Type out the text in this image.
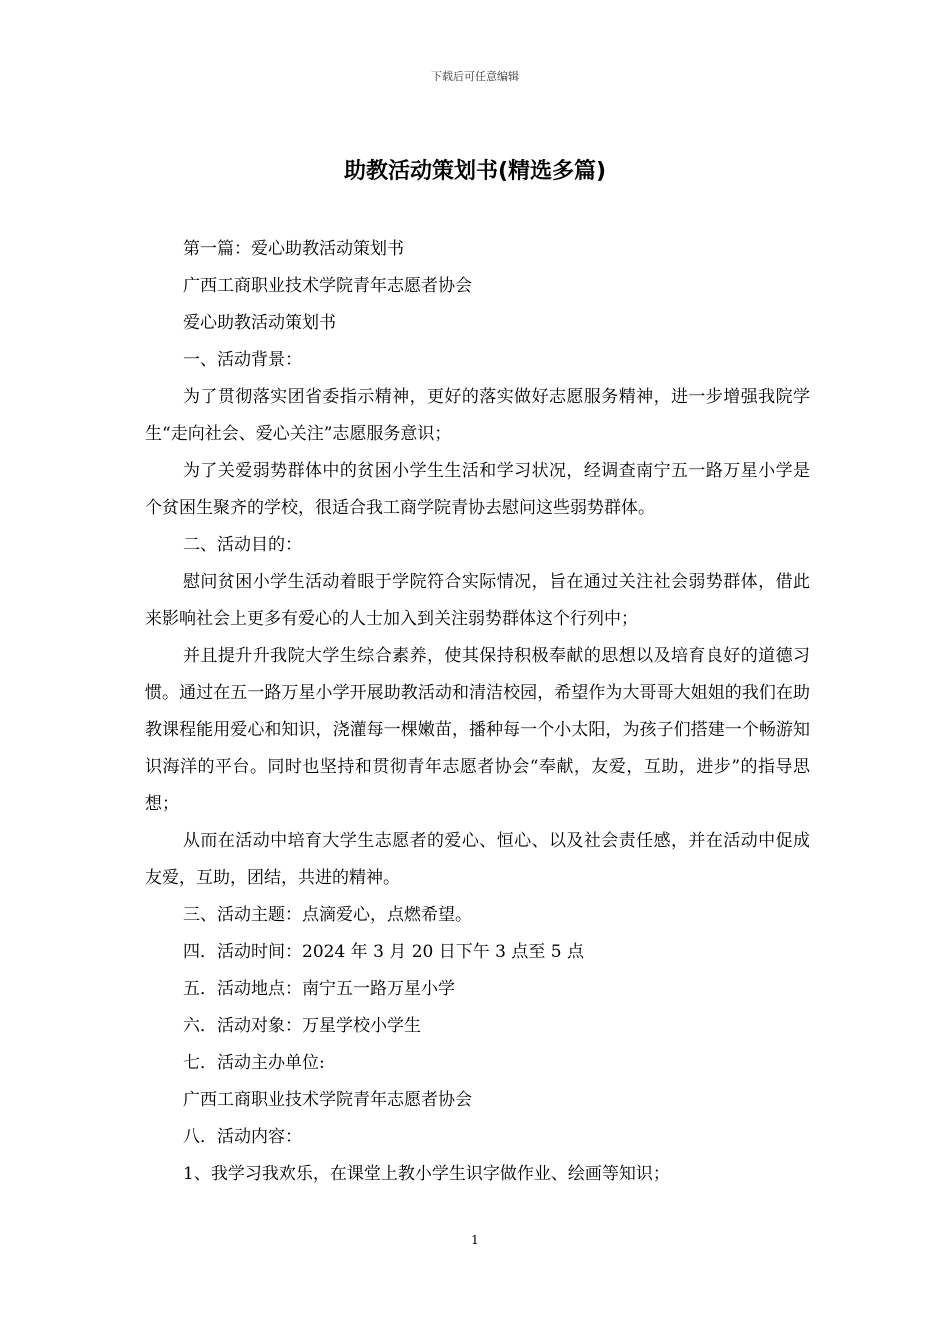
下载后可任意编辑
助教活动策划书(精选多篇)

第一篇：爱心助教活动策划书

广西工商职业技术学院青年志愿者协会

爱心助教活动策划书

一、活动背景：

为了贯彻落实团省委指示精神，更好的落实做好志愿服务精神，进一步增强我院学生“走向社会、爱心关注”志愿服务意识；

为了关爱弱势群体中的贫困小学生生活和学习状况，经调查南宁五一路万星小学是个贫困生聚齐的学校，很适合我工商学院青协去慰问这些弱势群体。

二、活动目的：

慰问贫困小学生活动着眼于学院符合实际情况，旨在通过关注社会弱势群体，借此来影响社会上更多有爱心的人士加入到关注弱势群体这个行列中；

并且提升升我院大学生综合素养，使其保持积极奉献的思想以及培育良好的道德习惯。通过在五一路万星小学开展助教活动和清洁校园，希望作为大哥哥大姐姐的我们在助教课程能用爱心和知识，浇灌每一棵嫩苗，播种每一个小太阳，为孩子们搭建一个畅游知识海洋的平台。同时也坚持和贯彻青年志愿者协会“奉献，友爱，互助，进步”的指导思想；

从而在活动中培育大学生志愿者的爱心、恒心、以及社会责任感，并在活动中促成友爱，互助，团结，共进的精神。

三、活动主题：点滴爱心，点燃希望。

四．活动时间：2024 年 3 月 20 日下午 3 点至 5 点

五．活动地点：南宁五一路万星小学

六．活动对象：万星学校小学生

七．活动主办单位:

广西工商职业技术学院青年志愿者协会

八．活动内容：

1、我学习我欢乐，在课堂上教小学生识字做作业、绘画等知识；

1
